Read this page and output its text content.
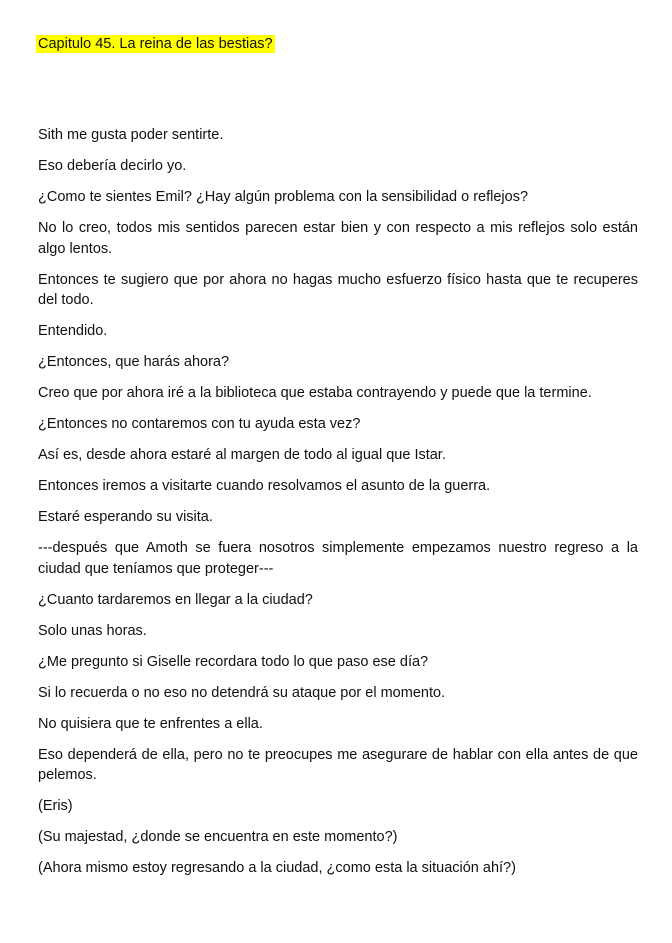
Capitulo 45. La reina de las bestias?

Sith me gusta poder sentirte.

Eso debería decirlo yo.

¿Como te sientes Emil? ¿Hay algún problema con la sensibilidad o reflejos?

No lo creo, todos mis sentidos parecen estar bien y con respecto a mis reflejos solo están algo lentos.

Entonces te sugiero que por ahora no hagas mucho esfuerzo físico hasta que te recuperes del todo.

Entendido.

¿Entonces, que harás ahora?

Creo que por ahora iré a la biblioteca que estaba contrayendo y puede que la termine.

¿Entonces no contaremos con tu ayuda esta vez?

Así es, desde ahora estaré al margen de todo al igual que Istar.

Entonces iremos a visitarte cuando resolvamos el asunto de la guerra.

Estaré esperando su visita.

---después que Amoth se fuera nosotros simplemente empezamos nuestro regreso a la ciudad que teníamos que proteger---

¿Cuanto tardaremos en llegar a la ciudad?

Solo unas horas.

¿Me pregunto si Giselle recordara todo lo que paso ese día?

Si lo recuerda o no eso no detendrá su ataque por el momento.

No quisiera que te enfrentes a ella.

Eso dependerá de ella, pero no te preocupes me asegurare de hablar con ella antes de que pelemos.

(Eris)

(Su majestad, ¿donde se encuentra en este momento?)

(Ahora mismo estoy regresando a la ciudad, ¿como esta la situación ahí?)
